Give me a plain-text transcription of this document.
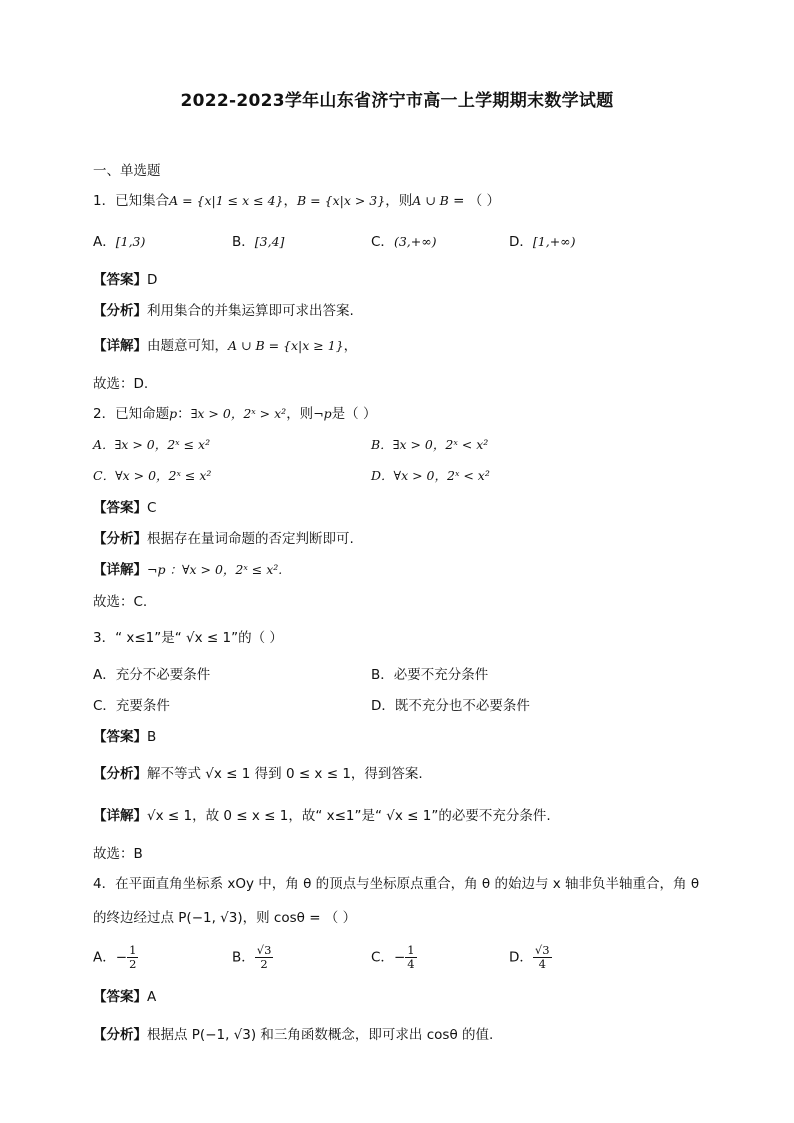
2022-2023学年山东省济宁市高一上学期期末数学试题
一、单选题
1．已知集合A = {x|1 ≤ x ≤ 4}，B = {x|x > 3}，则A ∪ B = （ ）
A．[1,3)	B．[3,4]	C．(3,+∞)	D．[1,+∞)
【答案】D
【分析】利用集合的并集运算即可求出答案.
【详解】由题意可知，A ∪ B = {x|x ≥ 1}，
故选：D.
2．已知命题p：∃x > 0，2ˣ > x²，则¬p是（ ）
A．∃x > 0，2ˣ ≤ x²	B．∃x > 0，2ˣ < x²
C．∀x > 0，2ˣ ≤ x²	D．∀x > 0，2ˣ < x²
【答案】C
【分析】根据存在量词命题的否定判断即可.
【详解】¬p ：∀x > 0，2ˣ ≤ x².
故选：C.
3．“ x≤1”是“ √x ≤ 1”的（ ）
A．充分不必要条件	B．必要不充分条件
C．充要条件	D．既不充分也不必要条件
【答案】B
【分析】解不等式 √x ≤ 1 得到 0 ≤ x ≤ 1，得到答案.
【详解】√x ≤ 1，故 0 ≤ x ≤ 1，故“ x≤1”是“ √x ≤ 1”的必要不充分条件.
故选：B
4．在平面直角坐标系 xOy 中，角 θ 的顶点与坐标原点重合，角 θ 的始边与 x 轴非负半轴重合，角 θ
的终边经过点 P(−1, √3)，则 cosθ = （ ）
A．− $\frac{1}{2}$	B． $\frac{√3}{2}$	C．− $\frac{1}{4}$	D． $\frac{√3}{4}$
【答案】A
【分析】根据点 P(−1, √3) 和三角函数概念，即可求出 cosθ 的值.
